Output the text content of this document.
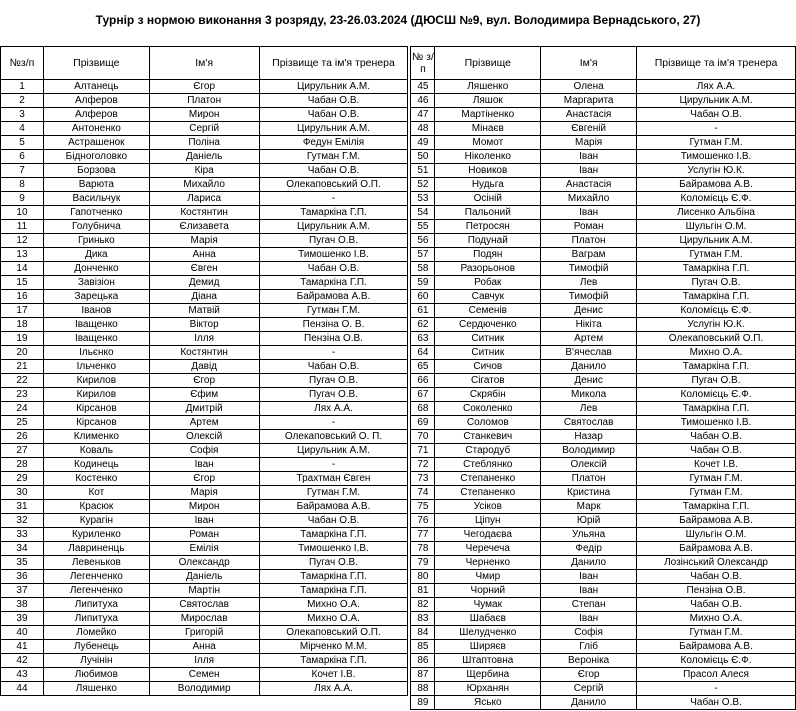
Турнір з нормою виконання 3 розряду, 23-26.03.2024 (ДЮСШ №9, вул. Володимира Вернадського, 27)
№з/п	Прізвище	Ім'я	Прізвище та ім'я тренера		№ з/п	Прізвище	Ім'я	Прізвище та ім'я тренера
1	Алтанець	Єгор	Цирульник А.М.		45	Ляшенко	Олена	Лях А.А.
2	Алферов	Платон	Чабан О.В.		46	Ляшок	Маргарита	Цирульник А.М.
3	Алферов	Мирон	Чабан О.В.		47	Мартіненко	Анастасія	Чабан О.В.
4	Антоненко	Сергій	Цирульник А.М.		48	Мінаєв	Євгеній	-
5	Астрашенок	Поліна	Федун Емілія		49	Момот	Марія	Гутман Г.М.
6	Бідноголовко	Даніель	Гутман Г.М.		50	Ніколенко	Іван	Тимошенко І.В.
7	Борзова	Кіра	Чабан О.В.		51	Новиков	Іван	Услугін Ю.К.
8	Варюта	Михайло	Олекаповський О.П.		52	Нудьга	Анастасія	Байрамова А.В.
9	Васильчук	Лариса	-		53	Осіній	Михайло	Коломієць Є.Ф.
10	Гапотченко	Костянтин	Тамаркіна Г.П.		54	Пальоний	Іван	Лисенко Альбіна
11	Голубнича	Єлизавета	Цирульник А.М.		55	Петросян	Роман	Шульгін О.М.
12	Гринько	Марія	Пугач О.В.		56	Подунай	Платон	Цирульник А.М.
13	Дика	Анна	Тимошенко І.В.		57	Подян	Ваграм	Гутман Г.М.
14	Донченко	Євген	Чабан О.В.		58	Разорьонов	Тимофій	Тамаркіна Г.П.
15	Завізіон	Демид	Тамаркіна Г.П.		59	Робак	Лев	Пугач О.В.
16	Зарецька	Діана	Байрамова А.В.		60	Савчук	Тимофій	Тамаркіна Г.П.
17	Іванов	Матвій	Гутман Г.М.		61	Семенів	Денис	Коломієць Є.Ф.
18	Іващенко	Віктор	Пензіна О. В.		62	Сердюченко	Нікіта	Услугін Ю.К.
19	Іващенко	Ілля	Пензіна О.В.		63	Ситник	Артем	Олекаповський О.П.
20	Ільєнко	Костянтин	-		64	Ситник	В'ячеслав	Михно О.А.
21	Ільченко	Давід	Чабан О.В.		65	Сичов	Данило	Тамаркіна Г.П.
22	Кирилов	Єгор	Пугач О.В.		66	Сігатов	Денис	Пугач О.В.
23	Кирилов	Єфим	Пугач О.В.		67	Скрябін	Микола	Коломієць Є.Ф.
24	Кірсанов	Дмитрій	Лях А.А.		68	Соколенко	Лев	Тамаркіна Г.П.
25	Кірсанов	Артем	-		69	Соломов	Святослав	Тимошенко І.В.
26	Клименко	Олексій	Олекаповський О. П.		70	Станкевич	Назар	Чабан О.В.
27	Коваль	Софія	Цирульник А.М.		71	Стародуб	Володимир	Чабан О.В.
28	Кодинець	Іван	-		72	Стеблянко	Олексій	Кочет І.В.
29	Костенко	Єгор	Трахтман Євген		73	Степаненко	Платон	Гутман Г.М.
30	Кот	Марія	Гутман Г.М.		74	Степаненко	Кристина	Гутман Г.М.
31	Красюк	Мирон	Байрамова А.В.		75	Усіков	Марк	Тамаркіна Г.П.
32	Курагін	Іван	Чабан О.В.		76	Ціпун	Юрій	Байрамова А.В.
33	Куриленко	Роман	Тамаркіна Г.П.		77	Чегодаєва	Ульяна	Шульгін О.М.
34	Лавриненць	Емілія	Тимошенко І.В.		78	Черечеча	Федір	Байрамова А.В.
35	Левеньков	Олександр	Пугач О.В.		79	Черненко	Данило	Лозінський Олександр
36	Легенченко	Даніель	Тамаркіна Г.П.		80	Чмир	Іван	Чабан О.В.
37	Легенченко	Мартін	Тамаркіна Г.П.		81	Чорний	Іван	Пензіна О.В.
38	Липитуха	Святослав	Михно О.А.		82	Чумак	Степан	Чабан О.В.
39	Липитуха	Мирослав	Михно О.А.		83	Шабаєв	Іван	Михно О.А.
40	Ломейко	Григорій	Олекаповський О.П.		84	Шелудченко	Софія	Гутман Г.М.
41	Лубенець	Анна	Мірченко М.М.		85	Ширяєв	Гліб	Байрамова А.В.
42	Лучінін	Ілля	Тамаркіна Г.П.		86	Штаптовна	Вероніка	Коломієць Є.Ф.
43	Любимов	Семен	Кочет І.В.		87	Щербина	Єгор	Прасол Алеся
44	Ляшенко	Володимир	Лях А.А.		88	Юрханян	Сергій	-
					89	Ясько	Данило	Чабан О.В.
